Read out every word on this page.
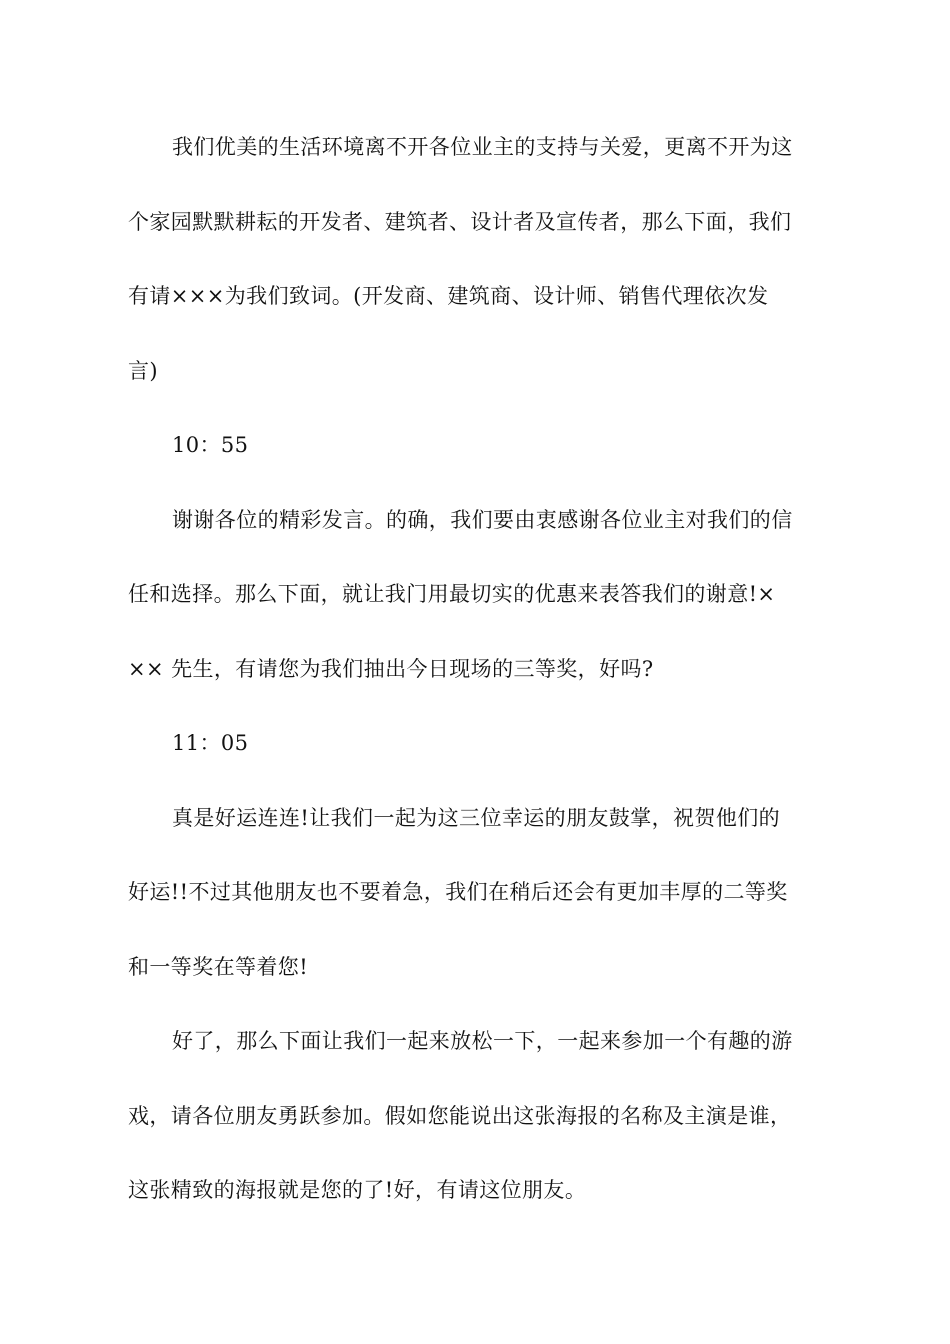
我们优美的生活环境离不开各位业主的支持与关爱，更离不开为这
个家园默默耕耘的开发者、建筑者、设计者及宣传者，那么下面，我们
有请×××为我们致词。(开发商、建筑商、设计师、销售代理依次发
言)
10：55
谢谢各位的精彩发言。的确，我们要由衷感谢各位业主对我们的信
任和选择。那么下面，就让我门用最切实的优惠来表答我们的谢意!×
×× 先生，有请您为我们抽出今日现场的三等奖，好吗?
11：05
真是好运连连!让我们一起为这三位幸运的朋友鼓掌，祝贺他们的
好运!!不过其他朋友也不要着急，我们在稍后还会有更加丰厚的二等奖
和一等奖在等着您!
好了，那么下面让我们一起来放松一下，一起来参加一个有趣的游
戏，请各位朋友勇跃参加。假如您能说出这张海报的名称及主演是谁，
这张精致的海报就是您的了!好，有请这位朋友。
